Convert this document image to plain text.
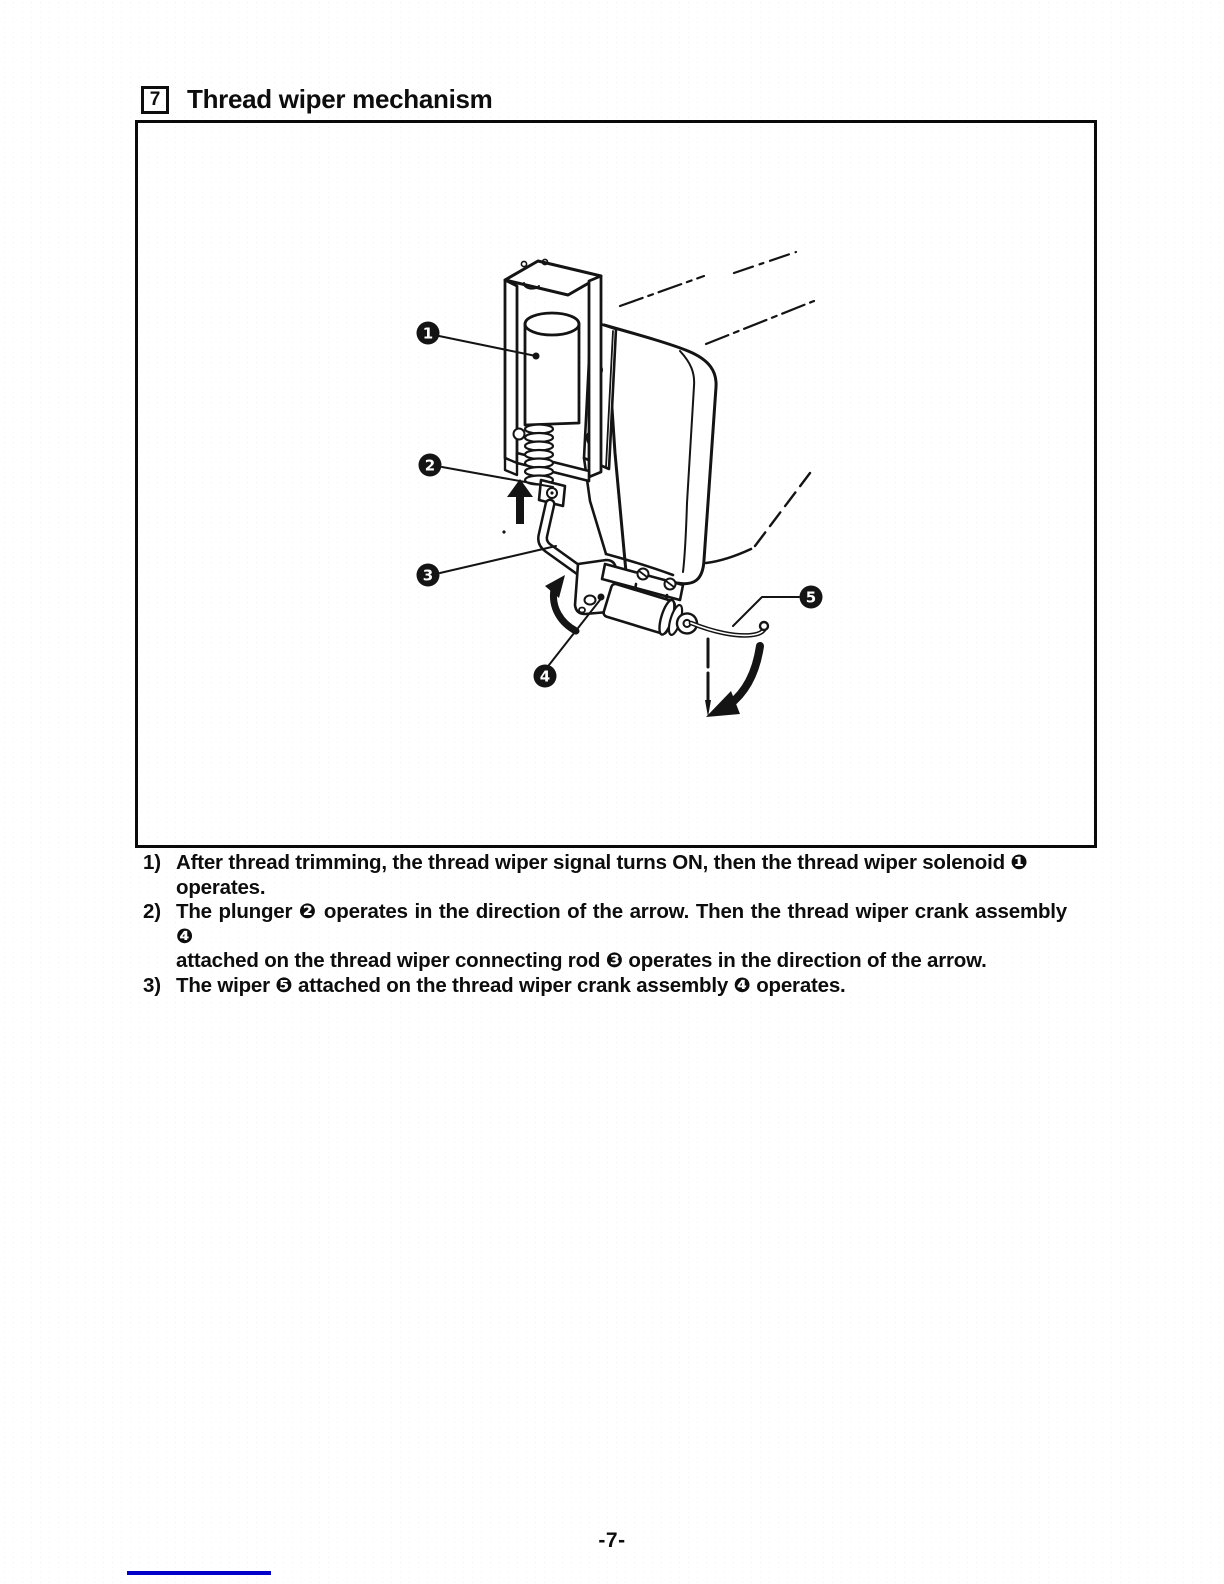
7	Thread wiper mechanism
1
2
3
4
5
1) After thread trimming, the thread wiper signal turns ON, then the thread wiper solenoid ❶ operates.
2) The plunger ❷ operates in the direction of the arrow. Then the thread wiper crank assembly ❹
attached on the thread wiper connecting rod ❸ operates in the direction of the arrow.
3) The wiper ❺ attached on the thread wiper crank assembly ❹ operates.
-7-
